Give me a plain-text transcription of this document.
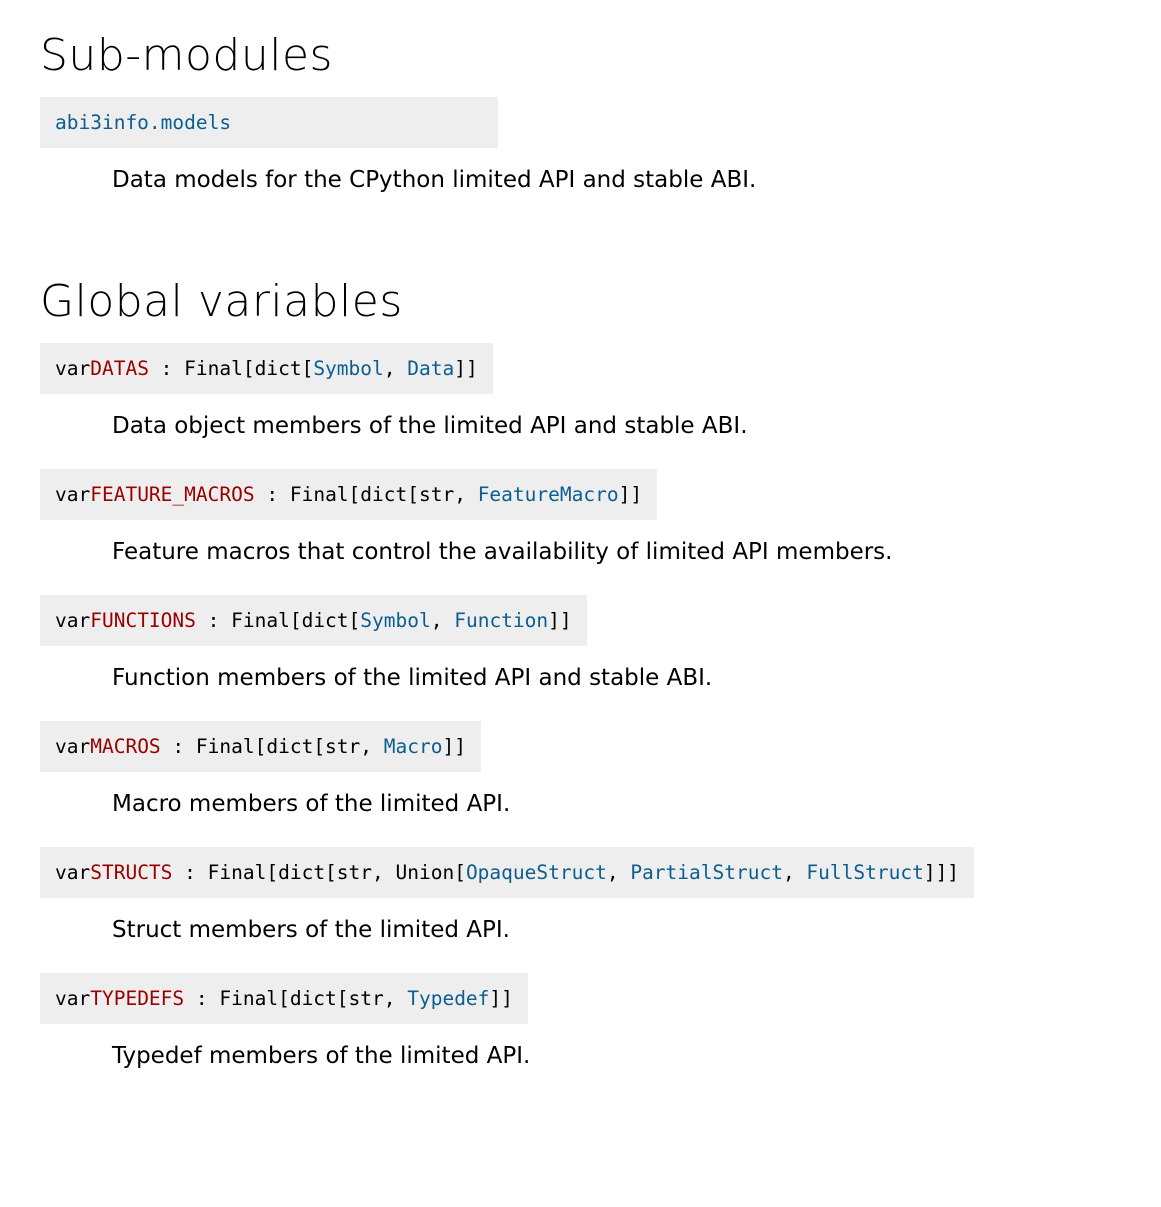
Sub-modules
abi3info.models
Data models for the CPython limited API and stable ABI.
Global variables
var DATAS : Final[dict[ Symbol , Data ]]
Data object members of the limited API and stable ABI.
var FEATURE_MACROS : Final[dict[str, FeatureMacro ]]
Feature macros that control the availability of limited API members.
var FUNCTIONS : Final[dict[ Symbol , Function ]]
Function members of the limited API and stable ABI.
var MACROS : Final[dict[str, Macro ]]
Macro members of the limited API.
var STRUCTS : Final[dict[str, Union[ OpaqueStruct , PartialStruct , FullStruct ]]]
Struct members of the limited API.
var TYPEDEFS : Final[dict[str, Typedef ]]
Typedef members of the limited API.
